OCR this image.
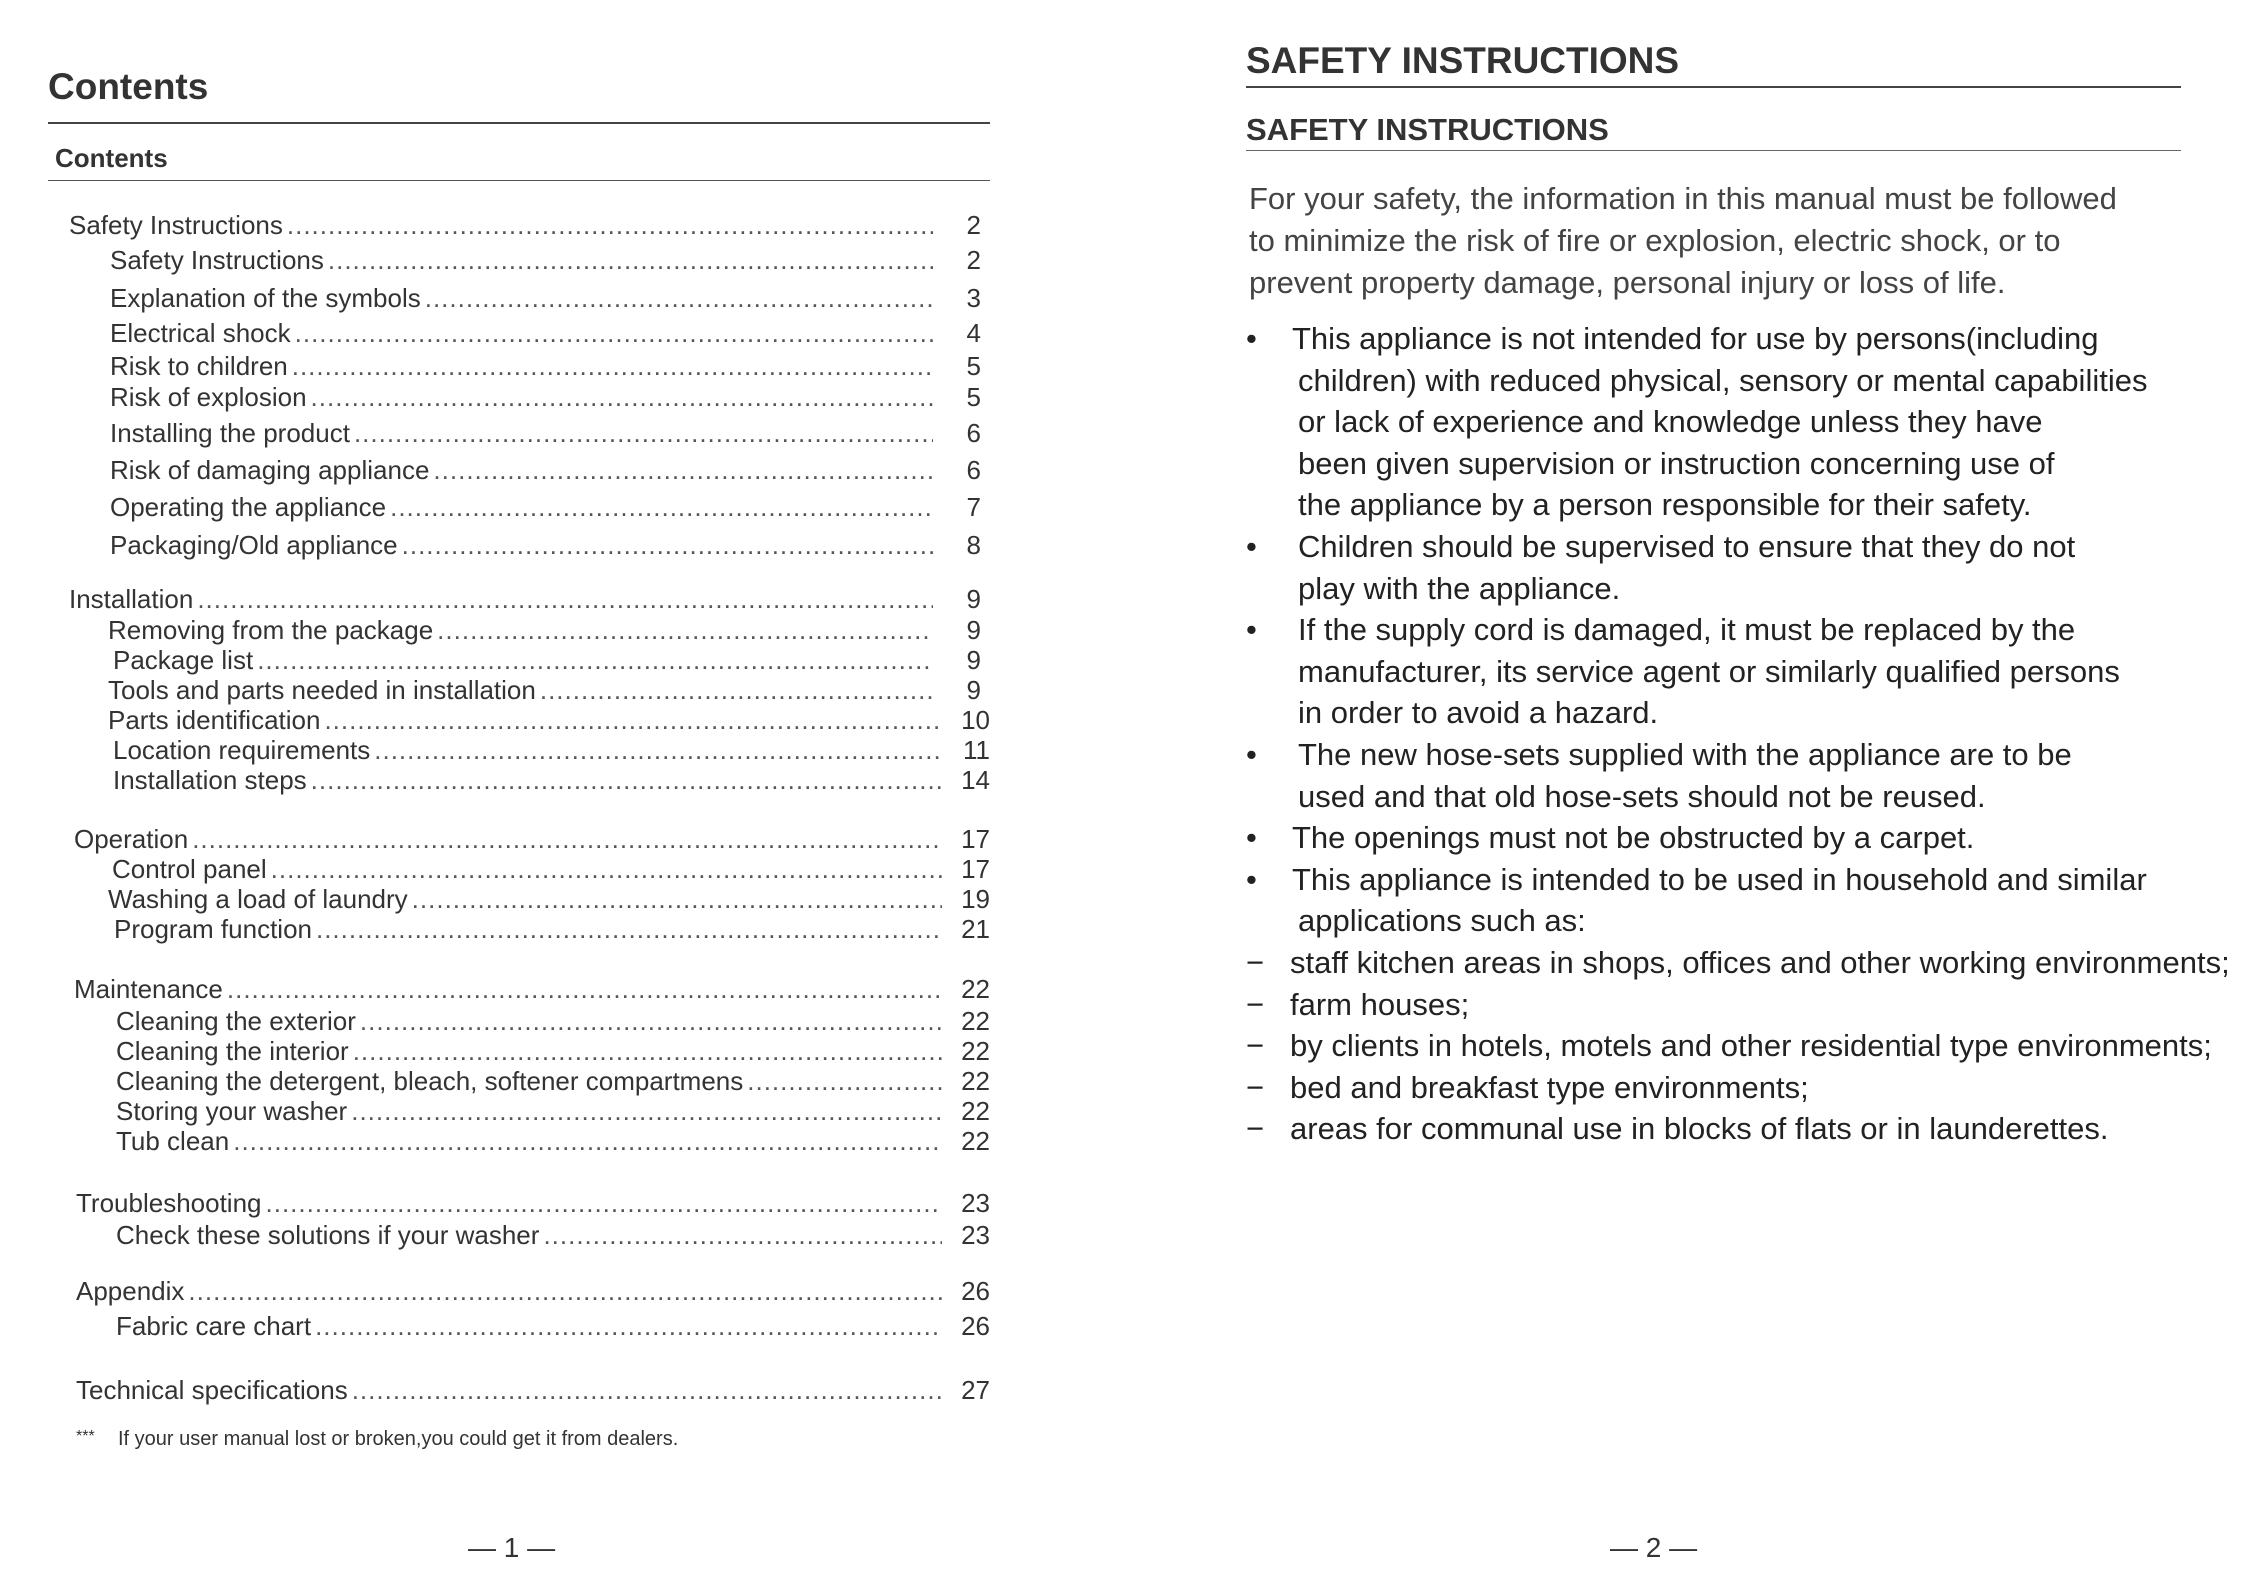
Contents
Contents
Safety Instructions .....	2
Safety Instructions .....	2
Explanation of the symbols .....	3
Electrical shock .....	4
Risk to children .....	5
Risk of explosion .....	5
Installing the product .....	6
Risk of damaging appliance .....	6
Operating the appliance .....	7
Packaging/Old appliance .....	8
Installation .....	9
Removing from the package .....	9
Package list .....	9
Tools and parts needed in installation .....	9
Parts identification .....	10
Location requirements .....	11
Installation steps .....	14
Operation .....	17
Control panel .....	17
Washing a load of laundry .....	19
Program function .....	21
Maintenance .....	22
Cleaning the exterior .....	22
Cleaning the interior .....	22
Cleaning the detergent, bleach, softener compartmens .....	22
Storing your washer .....	22
Tub clean .....	22
Troubleshooting .....	23
Check these solutions if your washer .....	23
Appendix .....	26
Fabric care chart .....	26
Technical specifications .....	27
*** If your user manual lost or broken,you could get it from dealers.
— 1 —
SAFETY INSTRUCTIONS
SAFETY INSTRUCTIONS
For your safety, the information in this manual must be followed
to minimize the risk of fire or explosion, electric shock, or to
prevent property damage, personal injury or loss of life.
•	This appliance is not intended for use by persons(including
children) with reduced physical, sensory or mental capabilities
or lack of experience and knowledge unless they have
been given supervision or instruction concerning use of
the appliance by a person responsible for their safety.
•	Children should be supervised to ensure that they do not
play with the appliance.
•	If the supply cord is damaged, it must be replaced by the
manufacturer, its service agent or similarly qualified persons
in order to avoid a hazard.
•	The new hose-sets supplied with the appliance are to be
used and that old hose-sets should not be reused.
•	The openings must not be obstructed by a carpet.
•	This appliance is intended to be used in household and similar
applications such as:
− staff kitchen areas in shops, offices and other working environments;
− farm houses;
− by clients in hotels, motels and other residential type environments;
− bed and breakfast type environments;
− areas for communal use in blocks of flats or in launderettes.
— 2 —
